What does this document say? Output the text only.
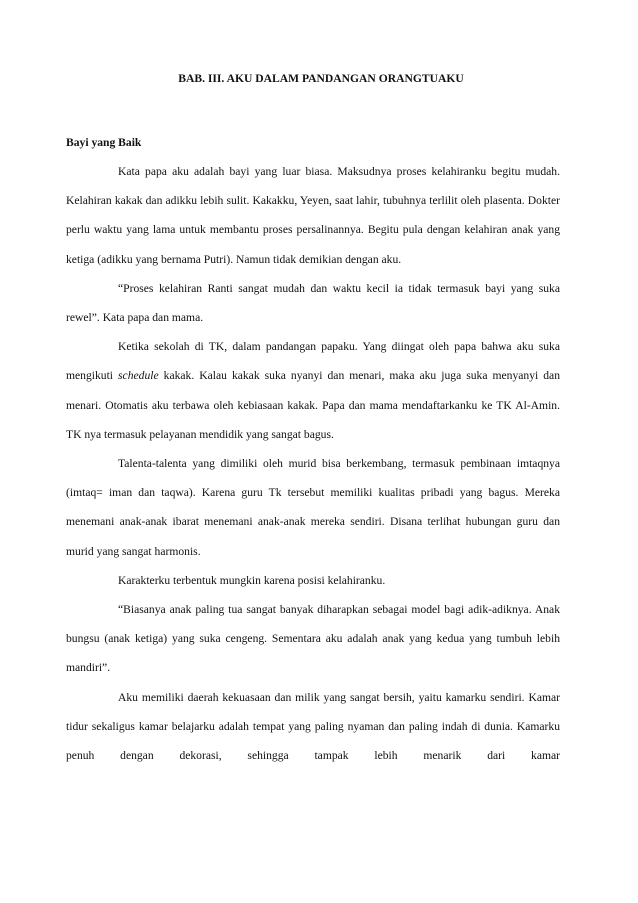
BAB. III. AKU DALAM PANDANGAN ORANGTUAKU
Bayi yang Baik

Kata papa aku adalah bayi yang luar biasa. Maksudnya proses kelahiranku begitu mudah. Kelahiran kakak dan adikku lebih sulit. Kakakku, Yeyen, saat lahir, tubuhnya terlilit oleh plasenta. Dokter perlu waktu yang lama untuk membantu proses persalinannya. Begitu pula dengan kelahiran anak yang ketiga (adikku yang bernama Putri). Namun tidak demikian dengan aku.

“Proses kelahiran Ranti sangat mudah dan waktu kecil ia tidak termasuk bayi yang suka rewel”. Kata papa dan mama.

Ketika sekolah di TK, dalam pandangan papaku. Yang diingat oleh papa bahwa aku suka mengikuti schedule kakak. Kalau kakak suka nyanyi dan menari, maka aku juga suka menyanyi dan menari. Otomatis aku terbawa oleh kebiasaan kakak. Papa dan mama mendaftarkanku ke TK Al-Amin. TK nya termasuk pelayanan mendidik yang sangat bagus.

Talenta-talenta yang dimiliki oleh murid bisa berkembang, termasuk pembinaan imtaqnya (imtaq= iman dan taqwa). Karena guru Tk tersebut memiliki kualitas pribadi yang bagus. Mereka menemani anak-anak ibarat menemani anak-anak mereka sendiri. Disana terlihat hubungan guru dan murid yang sangat harmonis.

Karakterku terbentuk mungkin karena posisi kelahiranku.

“Biasanya anak paling tua sangat banyak diharapkan sebagai model bagi adik-adiknya. Anak bungsu (anak ketiga) yang suka cengeng. Sementara aku adalah anak yang kedua yang tumbuh lebih mandiri”.

Aku memiliki daerah kekuasaan dan milik yang sangat bersih, yaitu kamarku sendiri. Kamar tidur sekaligus kamar belajarku adalah tempat yang paling nyaman dan paling indah di dunia. Kamarku penuh dengan dekorasi, sehingga tampak lebih menarik dari kamar
